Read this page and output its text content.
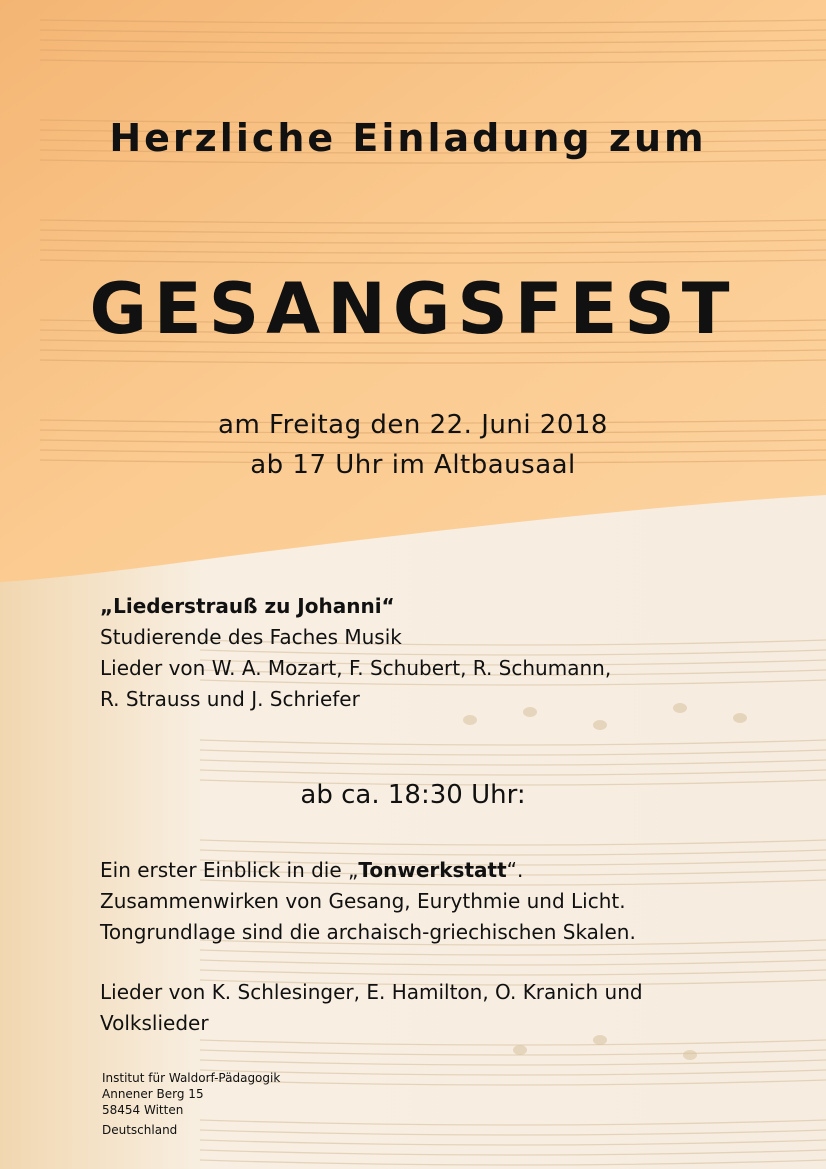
Herzliche Einladung zum
GESANGSFEST
am Freitag den 22. Juni 2018
ab 17 Uhr im Altbausaal
„Liederstrauß zu Johanni“
Studierende des Faches Musik
Lieder von W. A. Mozart, F. Schubert, R. Schumann,
R. Strauss und J. Schriefer
ab ca. 18:30 Uhr:
Ein erster Einblick in die „Tonwerkstatt“.
Zusammenwirken von Gesang, Eurythmie und Licht.
Tongrundlage sind die archaisch-griechischen Skalen.
Lieder von K. Schlesinger, E. Hamilton, O. Kranich und
Volkslieder
Institut für Waldorf-Pädagogik
Annener Berg 15
58454 Witten
Deutschland
